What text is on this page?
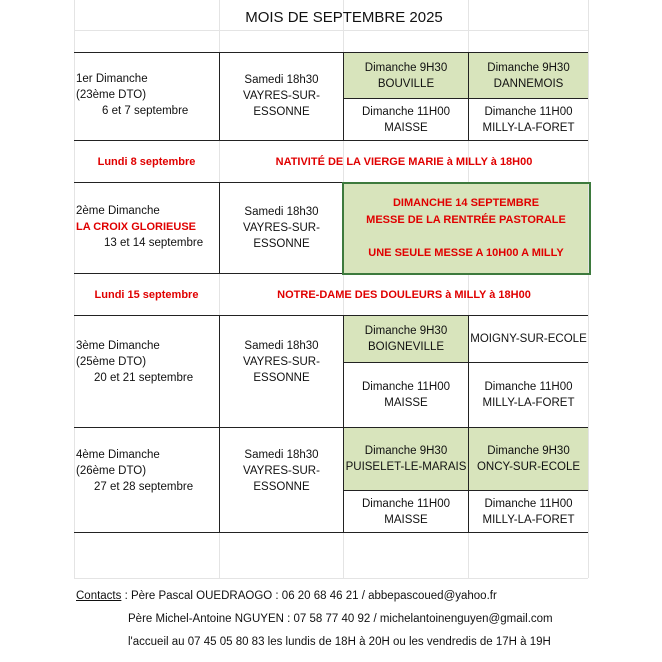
MOIS DE SEPTEMBRE 2025
1er Dimanche
(23ème DTO)
6 et 7 septembre
Samedi 18h30
VAYRES-SUR-ESSONNE
Dimanche 9H30
BOUVILLE
Dimanche 9H30
DANNEMOIS
Dimanche 11H00
MAISSE
Dimanche 11H00
MILLY-LA-FORET
Lundi 8 septembre	NATIVITÉ DE LA VIERGE MARIE à MILLY à 18H00
2ème Dimanche
LA CROIX GLORIEUSE
13 et 14 septembre
Samedi 18h30
VAYRES-SUR-ESSONNE
DIMANCHE 14 SEPTEMBRE
MESSE DE LA RENTRÉE PASTORALE
UNE SEULE MESSE A 10H00 A MILLY
Lundi 15 septembre	NOTRE-DAME DES DOULEURS à MILLY à 18H00
3ème Dimanche
(25ème DTO)
20 et 21 septembre
Samedi 18h30
VAYRES-SUR-ESSONNE
Dimanche 9H30
BOIGNEVILLE
MOIGNY-SUR-ECOLE
Dimanche 11H00
MAISSE
Dimanche 11H00
MILLY-LA-FORET
4ème Dimanche
(26ème DTO)
27 et 28 septembre
Samedi 18h30
VAYRES-SUR-ESSONNE
Dimanche 9H30
PUISELET-LE-MARAIS
Dimanche 9H30
ONCY-SUR-ECOLE
Dimanche 11H00
MAISSE
Dimanche 11H00
MILLY-LA-FORET
Contacts : Père Pascal OUEDRAOGO : 06 20 68 46 21 / abbepascoued@yahoo.fr
Père Michel-Antoine NGUYEN : 07 58 77 40 92 / michelantoinenguyen@gmail.com
l'accueil au 07 45 05 80 83 les lundis de 18H à 20H ou les vendredis de 17H à 19H
